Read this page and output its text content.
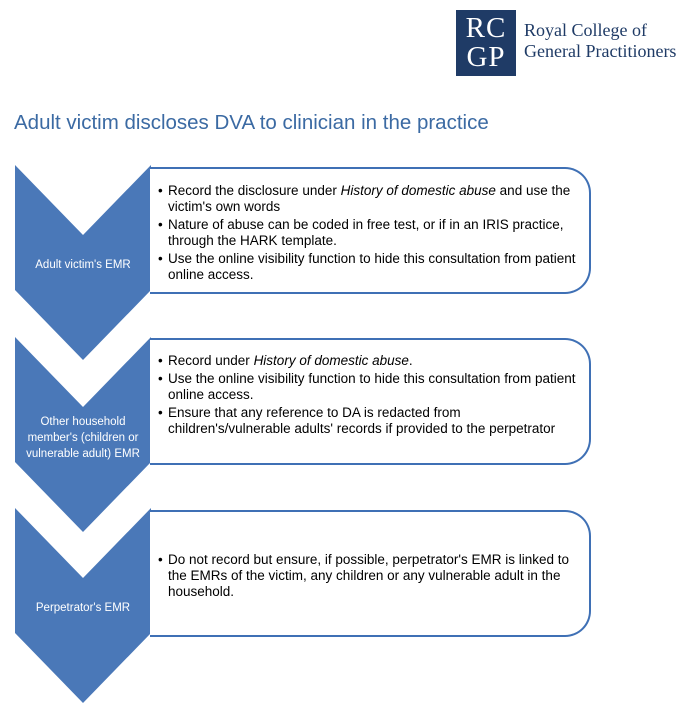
RC
GP
Royal College of
General Practitioners
Adult victim discloses DVA to clinician in the practice
Adult victim's EMR
Other household
member's (children or
vulnerable adult) EMR
Perpetrator's EMR
• Record the disclosure under History of domestic abuse and use the victim's own words
• Nature of abuse can be coded in free test, or if in an IRIS practice, through the HARK template.
• Use the online visibility function to hide this consultation from patient online access.
• Record under History of domestic abuse.
• Use the online visibility function to hide this consultation from patient online access.
• Ensure that any reference to DA is redacted from children's/vulnerable adults' records if provided to the perpetrator
• Do not record but ensure, if possible, perpetrator's EMR is linked to the EMRs of the victim, any children or any vulnerable adult in the household.
